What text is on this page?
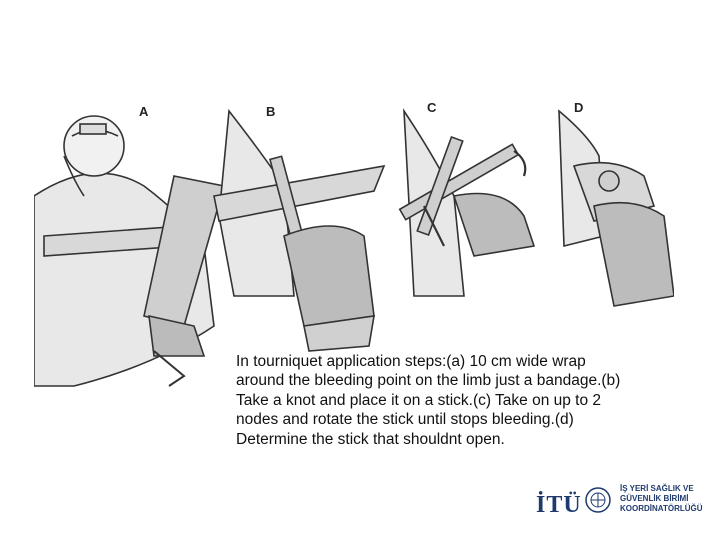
A	B	C	D
In tourniquet application steps:(a) 10 cm wide wrap
around the bleeding point on the limb just a bandage.(b)
Take a knot and place it on a stick.(c) Take on up to 2
nodes and rotate the stick until stops bleeding.(d)
Determine the stick that shouldnt open.
İTÜ
İŞ YERİ SAĞLIK VE
GÜVENLİK BİRİMİ
KOORDİNATÖRLÜĞÜ
